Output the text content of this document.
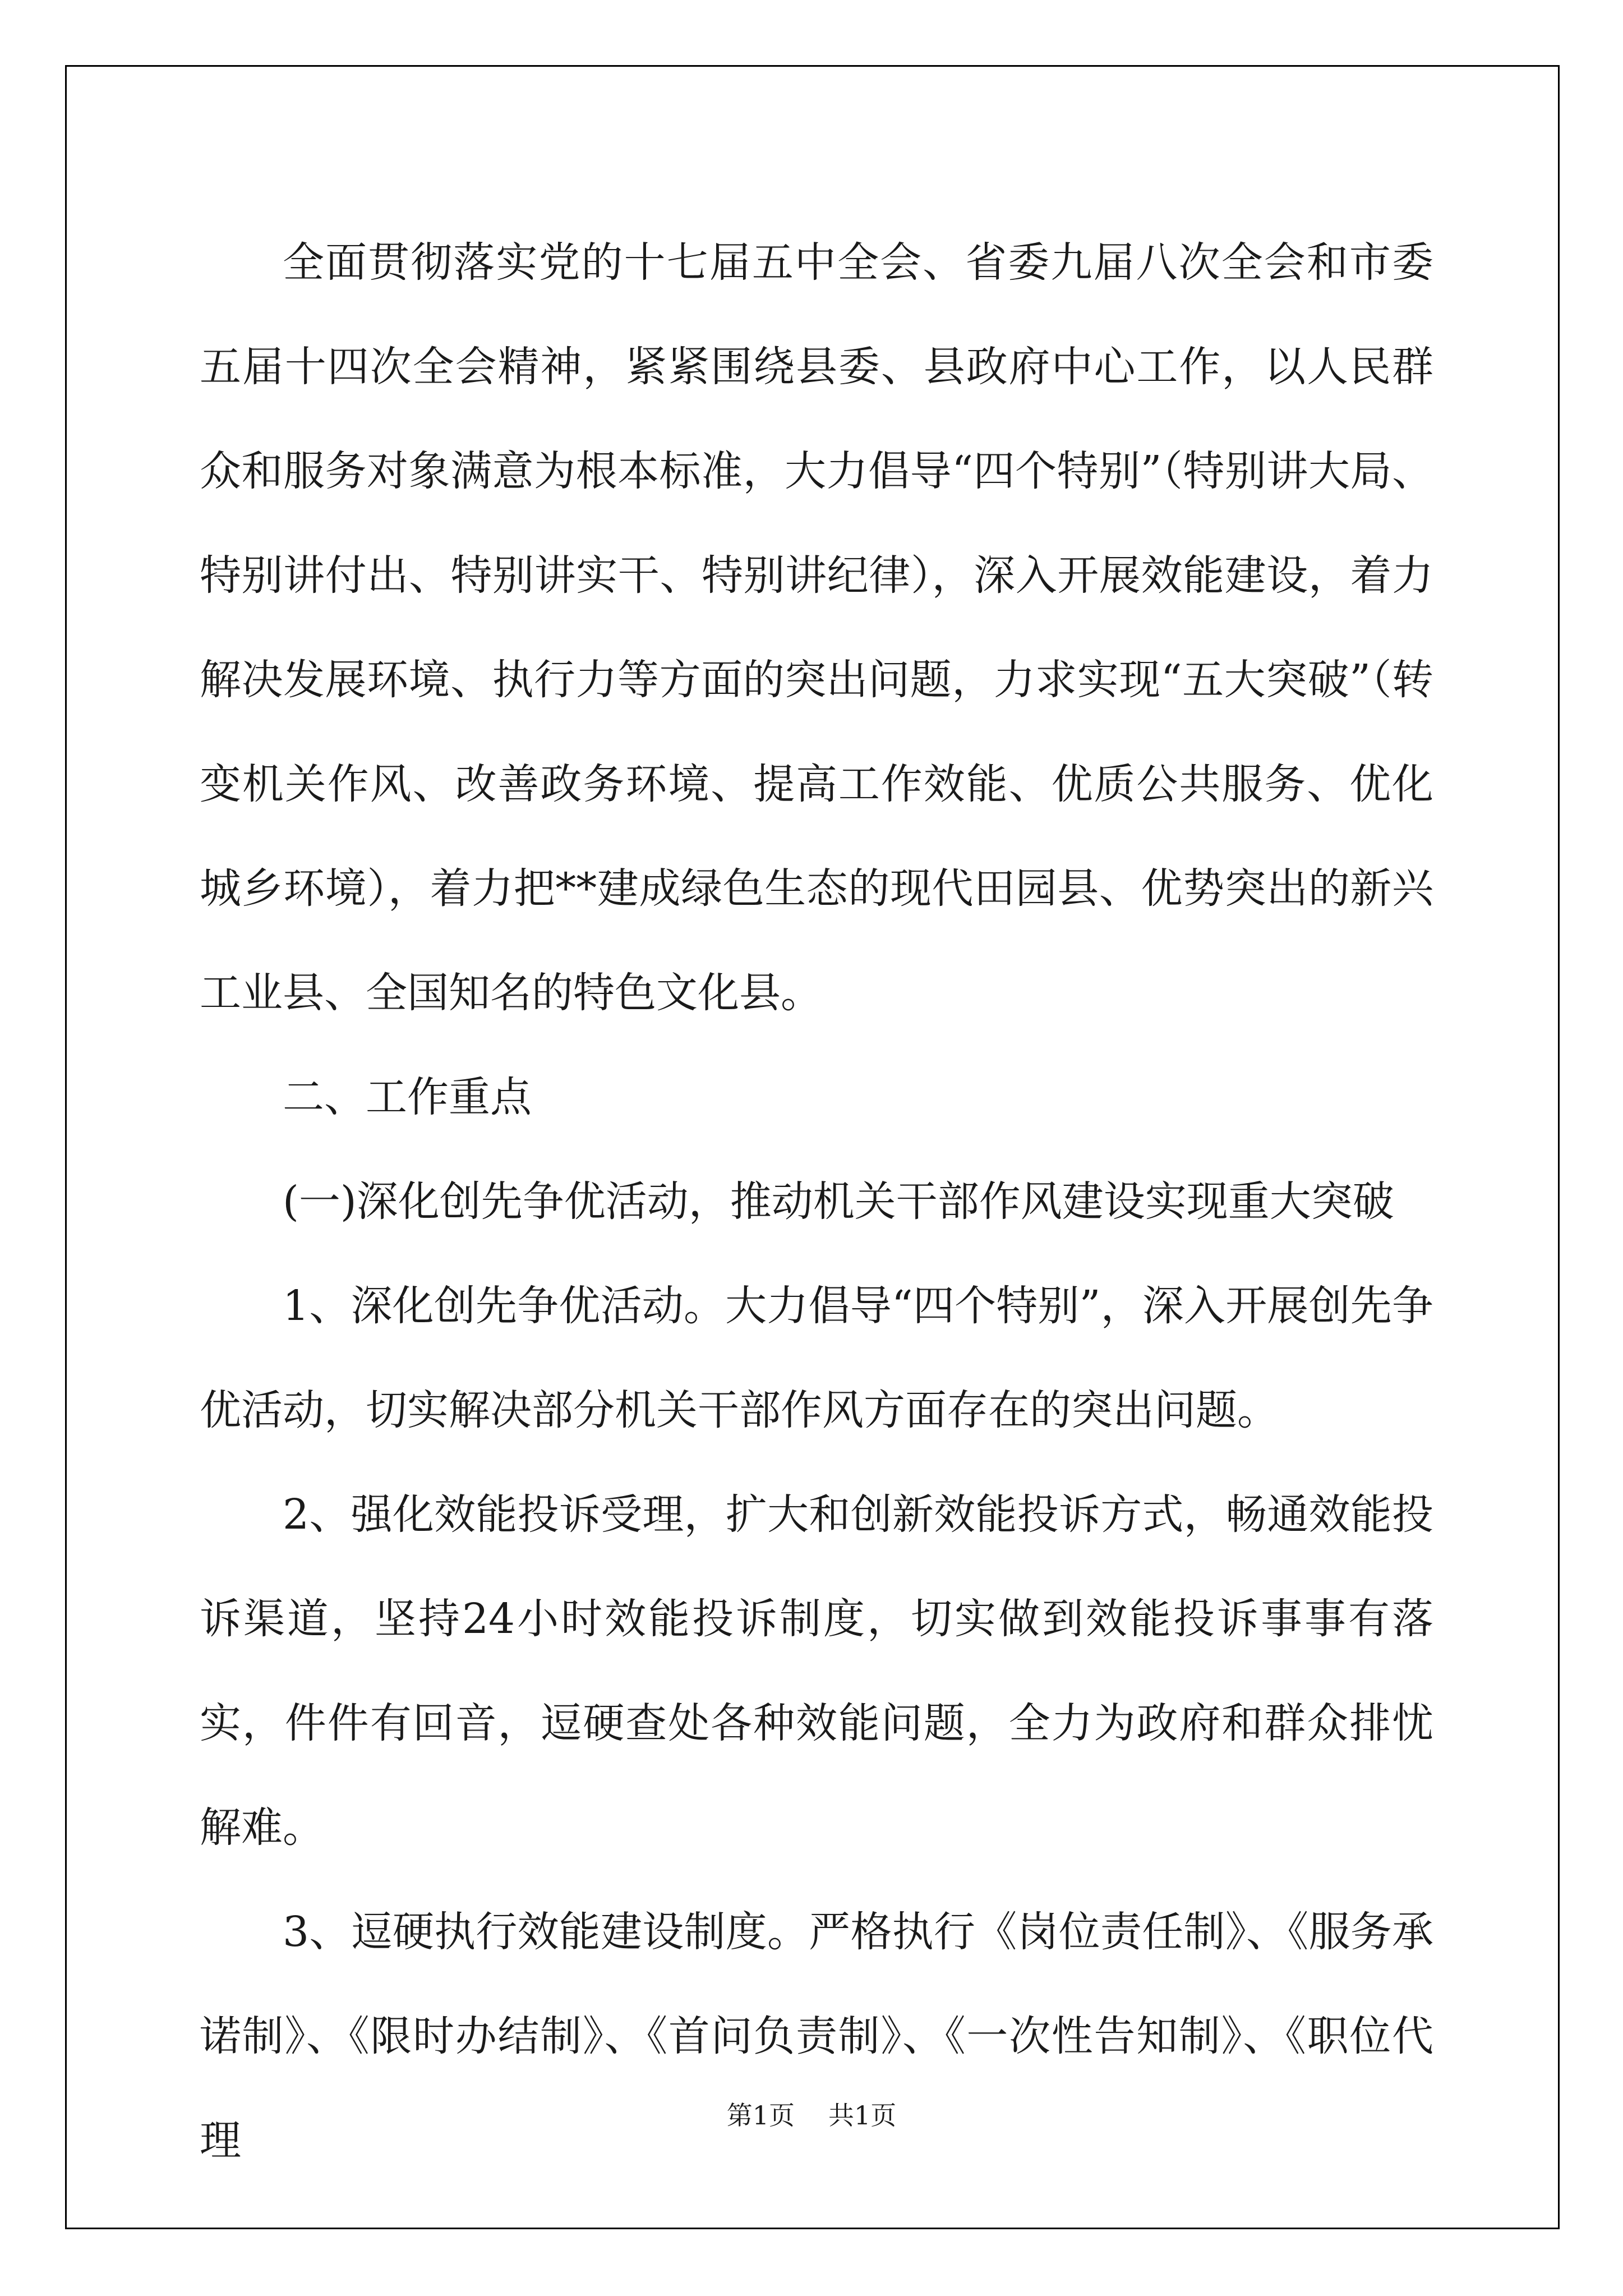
全面贯彻落实党的十七届五中全会、省委九届八次全会和市委五届十四次全会精神，紧紧围绕县委、县政府中心工作，以人民群众和服务对象满意为根本标准，大力倡导“四个特别”（特别讲大局、特别讲付出、特别讲实干、特别讲纪律），深入开展效能建设，着力解决发展环境、执行力等方面的突出问题，力求实现“五大突破”（转变机关作风、改善政务环境、提高工作效能、优质公共服务、优化城乡环境），着力把**建成绿色生态的现代田园县、优势突出的新兴工业县、全国知名的特色文化县。

二、工作重点

(一)深化创先争优活动，推动机关干部作风建设实现重大突破

1、深化创先争优活动。大力倡导“四个特别”，深入开展创先争优活动，切实解决部分机关干部作风方面存在的突出问题。

2、强化效能投诉受理，扩大和创新效能投诉方式，畅通效能投诉渠道，坚持24小时效能投诉制度，切实做到效能投诉事事有落实，件件有回音，逗硬查处各种效能问题，全力为政府和群众排忧解难。

3、逗硬执行效能建设制度。严格执行《岗位责任制》、《服务承诺制》、《限时办结制》、《首问负责制》、《一次性告知制》、《职位代理

第1页 共1页
